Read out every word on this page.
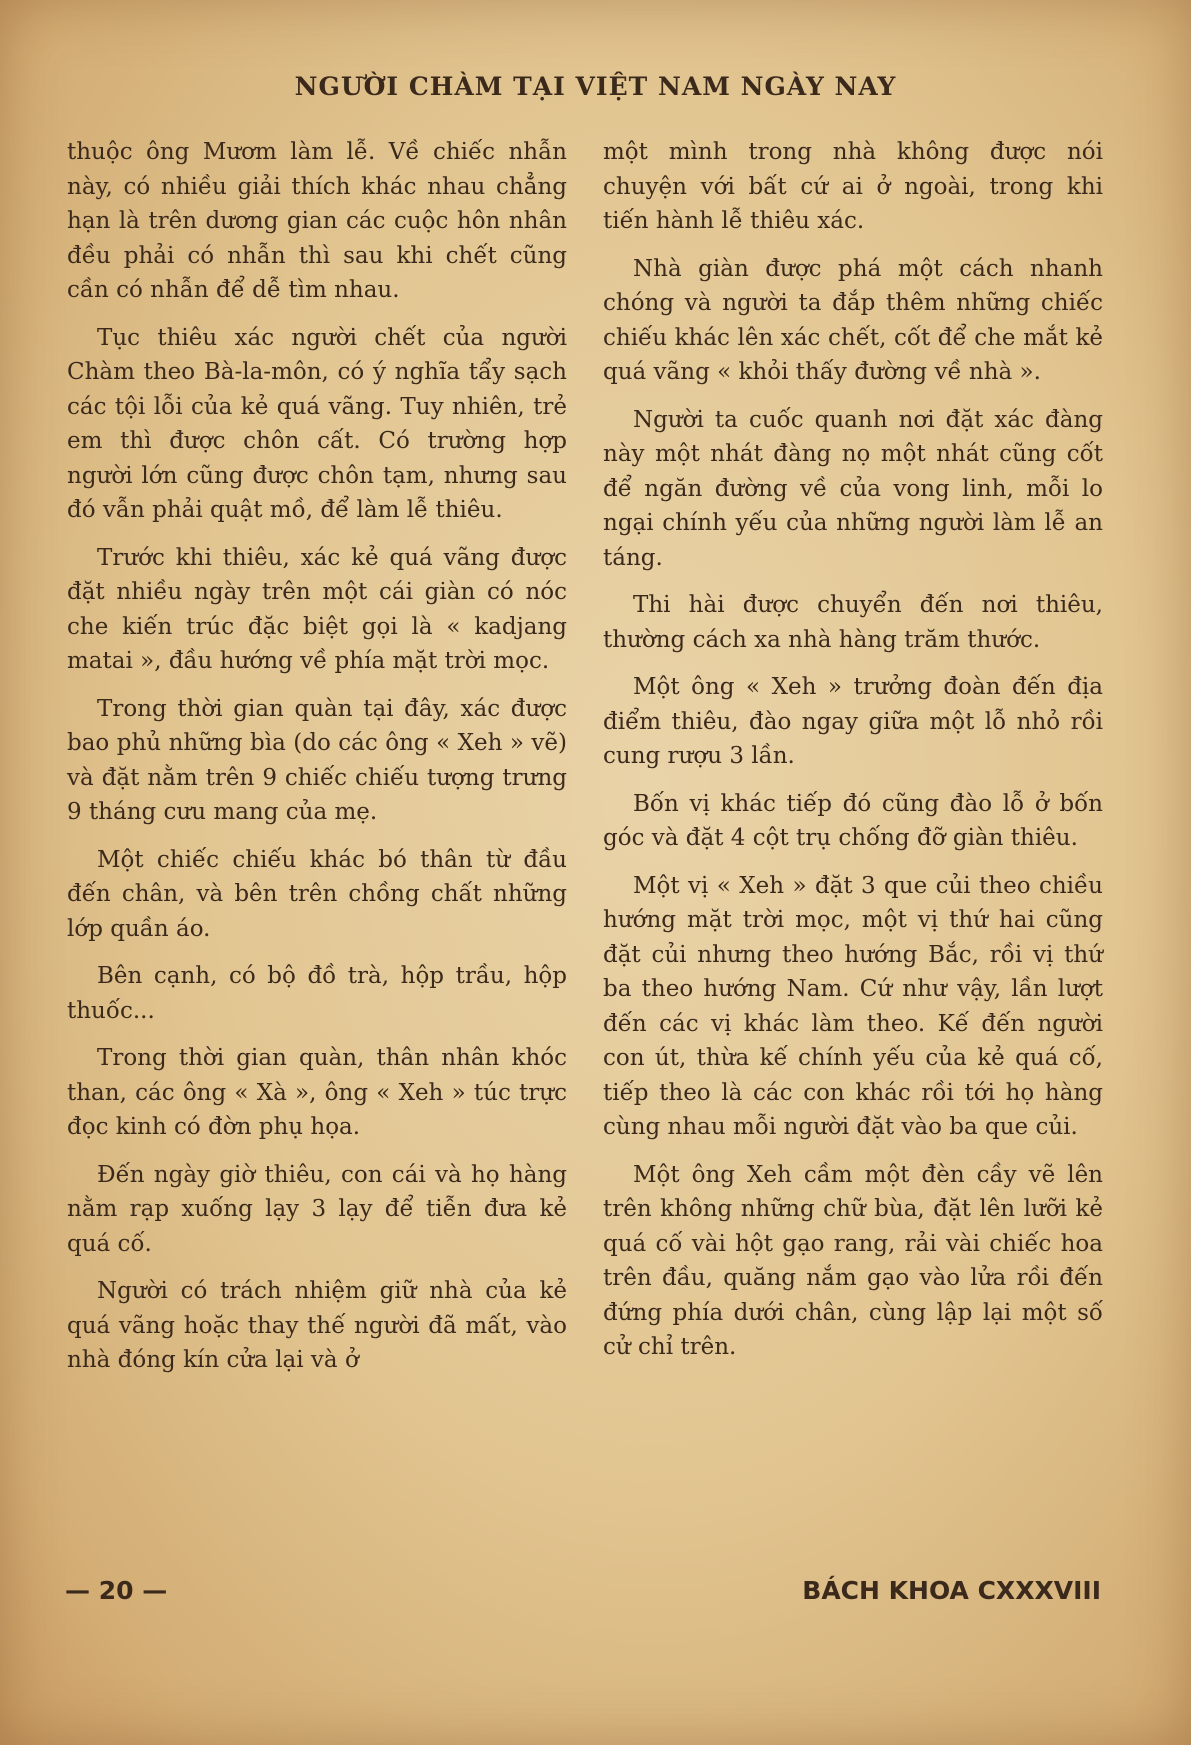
NGƯỜI CHÀM TẠI VIỆT NAM NGÀY NAY

thuộc ông Mươm làm lễ. Về chiếc nhẫn này, có nhiều giải thích khác nhau chẳng hạn là trên dương gian các cuộc hôn nhân đều phải có nhẫn thì sau khi chết cũng cần có nhẫn để dễ tìm nhau.

Tục thiêu xác người chết của người Chàm theo Bà-la-môn, có ý nghĩa tẩy sạch các tội lỗi của kẻ quá vãng. Tuy nhiên, trẻ em thì được chôn cất. Có trường hợp người lớn cũng được chôn tạm, nhưng sau đó vẫn phải quật mồ, để làm lễ thiêu.

Trước khi thiêu, xác kẻ quá vãng được đặt nhiều ngày trên một cái giàn có nóc che kiến trúc đặc biệt gọi là « kadjang matai », đầu hướng về phía mặt trời mọc.

Trong thời gian quàn tại đây, xác được bao phủ những bìa (do các ông « Xeh » vẽ) và đặt nằm trên 9 chiếc chiếu tượng trưng 9 tháng cưu mang của mẹ.

Một chiếc chiếu khác bó thân từ đầu đến chân, và bên trên chồng chất những lớp quần áo.

Bên cạnh, có bộ đồ trà, hộp trầu, hộp thuốc...

Trong thời gian quàn, thân nhân khóc than, các ông « Xà », ông « Xeh » túc trực đọc kinh có đờn phụ họa.

Đến ngày giờ thiêu, con cái và họ hàng nằm rạp xuống lạy 3 lạy để tiễn đưa kẻ quá cố.

Người có trách nhiệm giữ nhà của kẻ quá vãng hoặc thay thế người đã mất, vào nhà đóng kín cửa lại và ở

một mình trong nhà không được nói chuyện với bất cứ ai ở ngoài, trong khi tiến hành lễ thiêu xác.

Nhà giàn được phá một cách nhanh chóng và người ta đắp thêm những chiếc chiếu khác lên xác chết, cốt để che mắt kẻ quá vãng « khỏi thấy đường về nhà ».

Người ta cuốc quanh nơi đặt xác đàng này một nhát đàng nọ một nhát cũng cốt để ngăn đường về của vong linh, mỗi lo ngại chính yếu của những người làm lễ an táng.

Thi hài được chuyển đến nơi thiêu, thường cách xa nhà hàng trăm thước.

Một ông « Xeh » trưởng đoàn đến địa điểm thiêu, đào ngay giữa một lỗ nhỏ rồi cung rượu 3 lần.

Bốn vị khác tiếp đó cũng đào lỗ ở bốn góc và đặt 4 cột trụ chống đỡ giàn thiêu.

Một vị « Xeh » đặt 3 que củi theo chiều hướng mặt trời mọc, một vị thứ hai cũng đặt củi nhưng theo hướng Bắc, rồi vị thứ ba theo hướng Nam. Cứ như vậy, lần lượt đến các vị khác làm theo. Kế đến người con út, thừa kế chính yếu của kẻ quá cố, tiếp theo là các con khác rồi tới họ hàng cùng nhau mỗi người đặt vào ba que củi.

Một ông Xeh cầm một đèn cầy vẽ lên trên không những chữ bùa, đặt lên lưỡi kẻ quá cố vài hột gạo rang, rải vài chiếc hoa trên đầu, quăng nắm gạo vào lửa rồi đến đứng phía dưới chân, cùng lập lại một số cử chỉ trên.

— 20 —	BÁCH KHOA CXXXVIII
